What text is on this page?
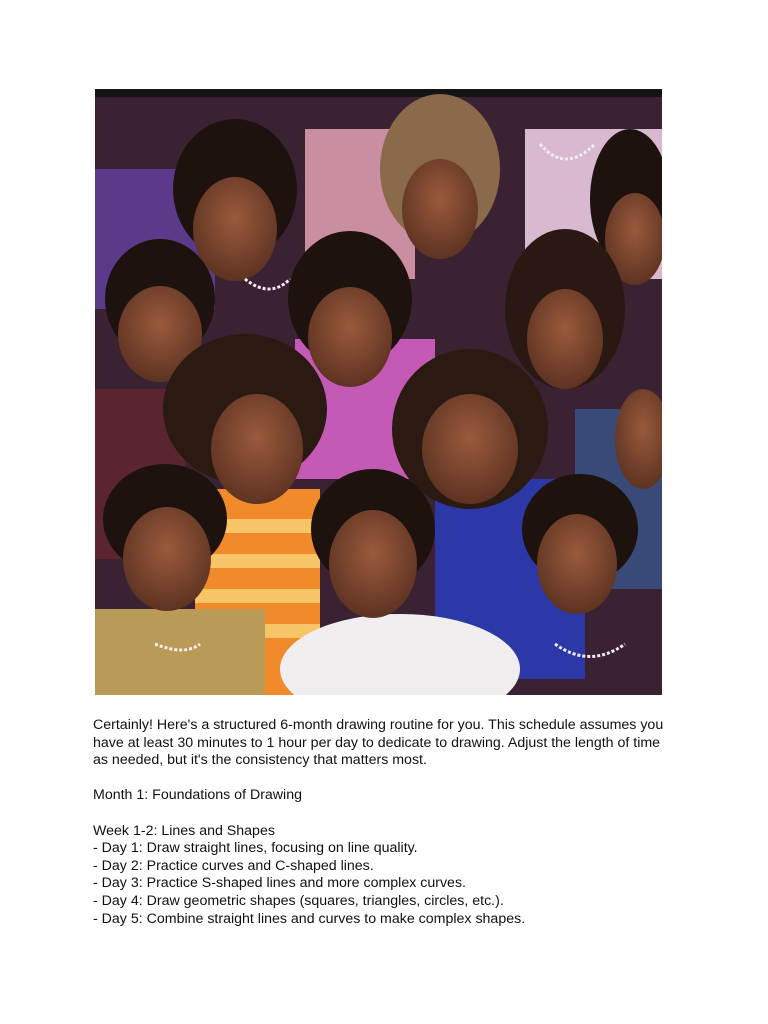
Certainly! Here's a structured 6-month drawing routine for you. This schedule assumes you have at least 30 minutes to 1 hour per day to dedicate to drawing. Adjust the length of time as needed, but it's the consistency that matters most.

Month 1: Foundations of Drawing

Week 1-2: Lines and Shapes

- Day 1: Draw straight lines, focusing on line quality.

- Day 2: Practice curves and C-shaped lines.

- Day 3: Practice S-shaped lines and more complex curves.

- Day 4: Draw geometric shapes (squares, triangles, circles, etc.).

- Day 5: Combine straight lines and curves to make complex shapes.
